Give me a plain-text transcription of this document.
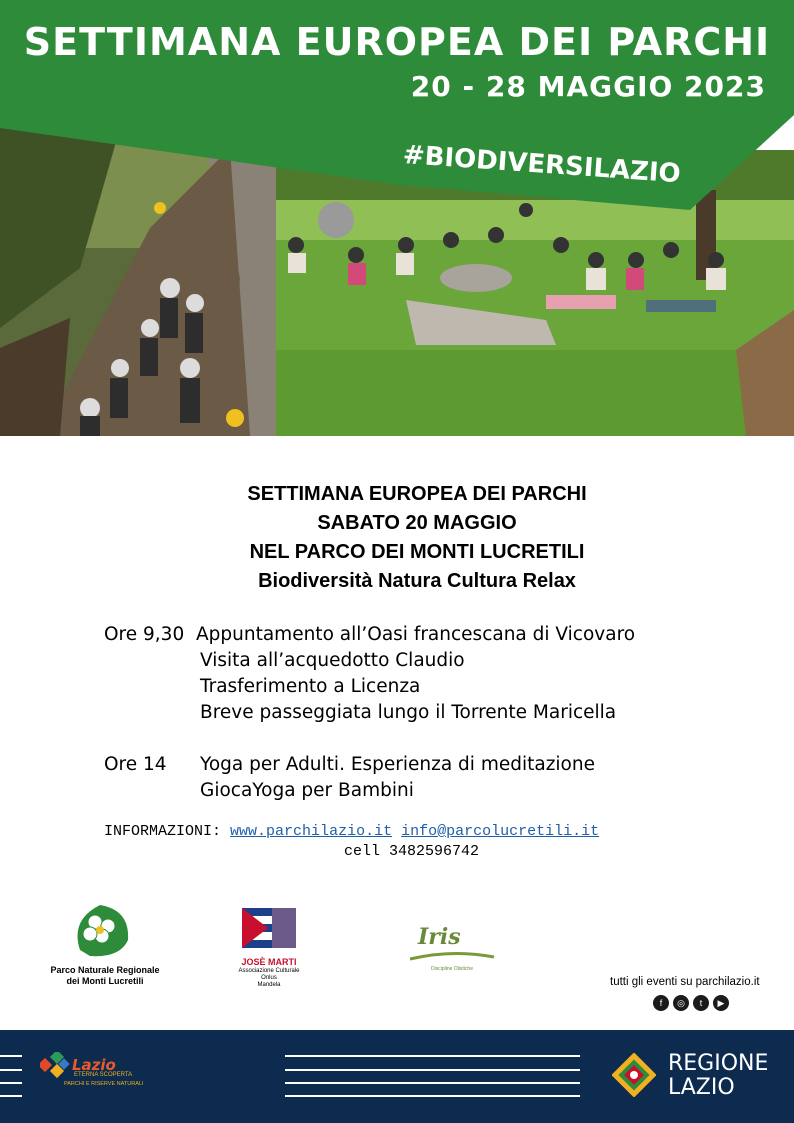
SETTIMANA EUROPEA DEI PARCHI
20 - 28 MAGGIO 2023
#BIODIVERSILAZIO
SETTIMANA EUROPEA DEI PARCHI
SABATO 20 MAGGIO
NEL PARCO DEI MONTI LUCRETILI
Biodiversità Natura Cultura Relax
Ore 9,30 Appuntamento all’Oasi francescana di Vicovaro
Visita all’acquedotto Claudio
Trasferimento a Licenza
Breve passeggiata lungo il Torrente Maricella
Ore 14 Yoga per Adulti. Esperienza di meditazione
GiocaYoga per Bambini
INFORMAZIONI: www.parchilazio.it info@parcolucretili.it
cell 3482596742
Parco Naturale Regionale
dei Monti Lucretili
JOSÈ MARTI
Associazione Culturale Onlus
Mandela
Iris
Discipline Olistiche
tutti gli eventi su parchilazio.it
f	◎	t	▶
Lazio
ETERNA SCOPERTA
PARCHI E RISERVE NATURALI
REGIONE
LAZIO
